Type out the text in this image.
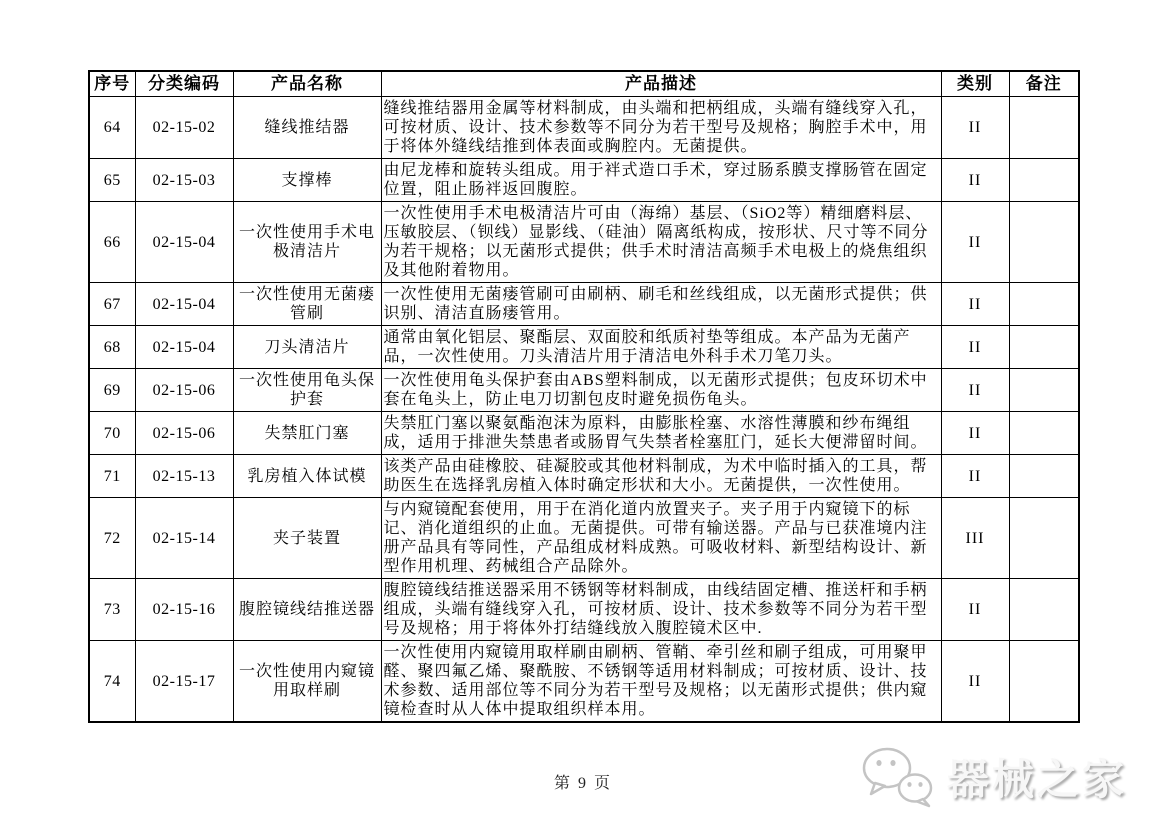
序号	分类编码	产品名称	产品描述	类别	备注
64	02-15-02	缝线推结器	缝线推结器用金属等材料制成，由头端和把柄组成，头端有缝线穿入孔，可按材质、设计、技术参数等不同分为若干型号及规格；胸腔手术中，用于将体外缝线结推到体表面或胸腔内。无菌提供。	II	
65	02-15-03	支撑棒	由尼龙棒和旋转头组成。用于袢式造口手术，穿过肠系膜支撑肠管在固定位置，阻止肠袢返回腹腔。	II	
66	02-15-04	一次性使用手术电极清洁片	一次性使用手术电极清洁片可由（海绵）基层、（SiO2等）精细磨料层、压敏胶层、（钡线）显影线、（硅油）隔离纸构成，按形状、尺寸等不同分为若干规格；以无菌形式提供；供手术时清洁高频手术电极上的烧焦组织及其他附着物用。	II	
67	02-15-04	一次性使用无菌瘘管刷	一次性使用无菌瘘管刷可由刷柄、刷毛和丝线组成，以无菌形式提供；供识别、清洁直肠瘘管用。	II	
68	02-15-04	刀头清洁片	通常由氧化铝层、聚酯层、双面胶和纸质衬垫等组成。本产品为无菌产品，一次性使用。刀头清洁片用于清洁电外科手术刀笔刀头。	II	
69	02-15-06	一次性使用龟头保护套	一次性使用龟头保护套由ABS塑料制成，以无菌形式提供；包皮环切术中套在龟头上，防止电刀切割包皮时避免损伤龟头。	II	
70	02-15-06	失禁肛门塞	失禁肛门塞以聚氨酯泡沫为原料，由膨胀栓塞、水溶性薄膜和纱布绳组成，适用于排泄失禁患者或肠胃气失禁者栓塞肛门，延长大便滞留时间。	II	
71	02-15-13	乳房植入体试模	该类产品由硅橡胶、硅凝胶或其他材料制成，为术中临时插入的工具，帮助医生在选择乳房植入体时确定形状和大小。无菌提供，一次性使用。	II	
72	02-15-14	夹子装置	与内窥镜配套使用，用于在消化道内放置夹子。夹子用于内窥镜下的标记、消化道组织的止血。无菌提供。可带有输送器。产品与已获准境内注册产品具有等同性，产品组成材料成熟。可吸收材料、新型结构设计、新型作用机理、药械组合产品除外。	III	
73	02-15-16	腹腔镜线结推送器	腹腔镜线结推送器采用不锈钢等材料制成，由线结固定槽、推送杆和手柄组成，头端有缝线穿入孔，可按材质、设计、技术参数等不同分为若干型号及规格；用于将体外打结缝线放入腹腔镜术区中.	II	
74	02-15-17	一次性使用内窥镜用取样刷	一次性使用内窥镜用取样刷由刷柄、管鞘、牵引丝和刷子组成，可用聚甲醛、聚四氟乙烯、聚酰胺、不锈钢等适用材料制成；可按材质、设计、技术参数、适用部位等不同分为若干型号及规格；以无菌形式提供；供内窥镜检查时从人体中提取组织样本用。	II	
第 9 页	器械之家
